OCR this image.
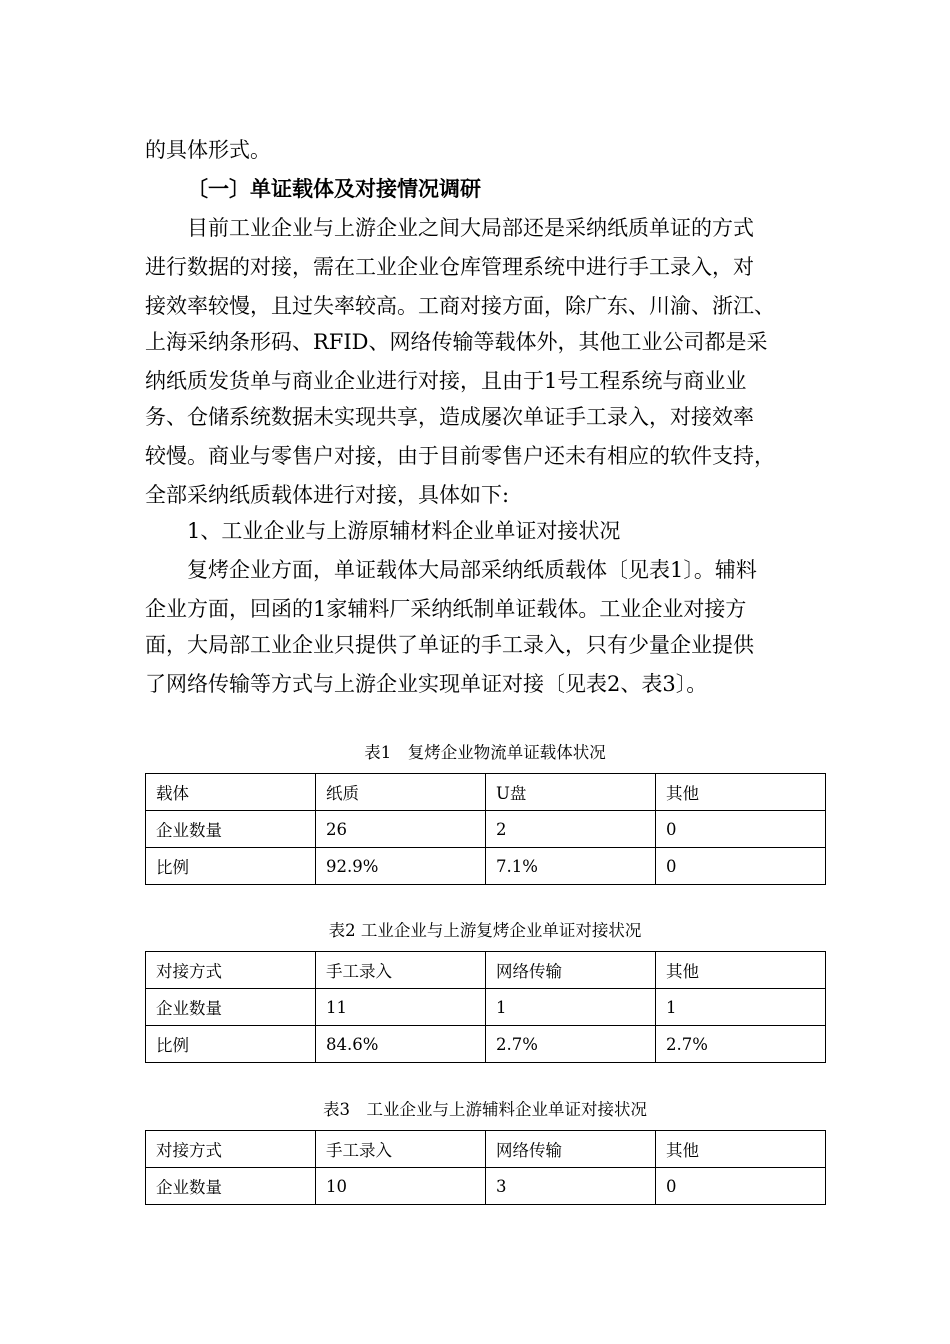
的具体形式。
〔一〕单证载体及对接情况调研
目前工业企业与上游企业之间大局部还是采纳纸质单证的方式
进行数据的对接，需在工业企业仓库管理系统中进行手工录入，对
接效率较慢，且过失率较高。工商对接方面，除广东、川渝、浙江、
上海采纳条形码、RFID、网络传输等载体外，其他工业公司都是采
纳纸质发货单与商业企业进行对接，且由于1号工程系统与商业业
务、仓储系统数据未实现共享，造成屡次单证手工录入，对接效率
较慢。商业与零售户对接，由于目前零售户还未有相应的软件支持，
全部采纳纸质载体进行对接，具体如下:
1、工业企业与上游原辅材料企业单证对接状况
复烤企业方面，单证载体大局部采纳纸质载体〔见表1〕。辅料
企业方面，回函的1家辅料厂采纳纸制单证载体。工业企业对接方
面，大局部工业企业只提供了单证的手工录入，只有少量企业提供
了网络传输等方式与上游企业实现单证对接〔见表2、表3〕。
表1　复烤企业物流单证载体状况
载体	纸质	U盘	其他
企业数量	26	2	0
比例	92.9%	7.1%	0
表2 工业企业与上游复烤企业单证对接状况
对接方式	手工录入	网络传输	其他
企业数量	11	1	1
比例	84.6%	2.7%	2.7%
表3　工业企业与上游辅料企业单证对接状况
对接方式	手工录入	网络传输	其他
企业数量	10	3	0
